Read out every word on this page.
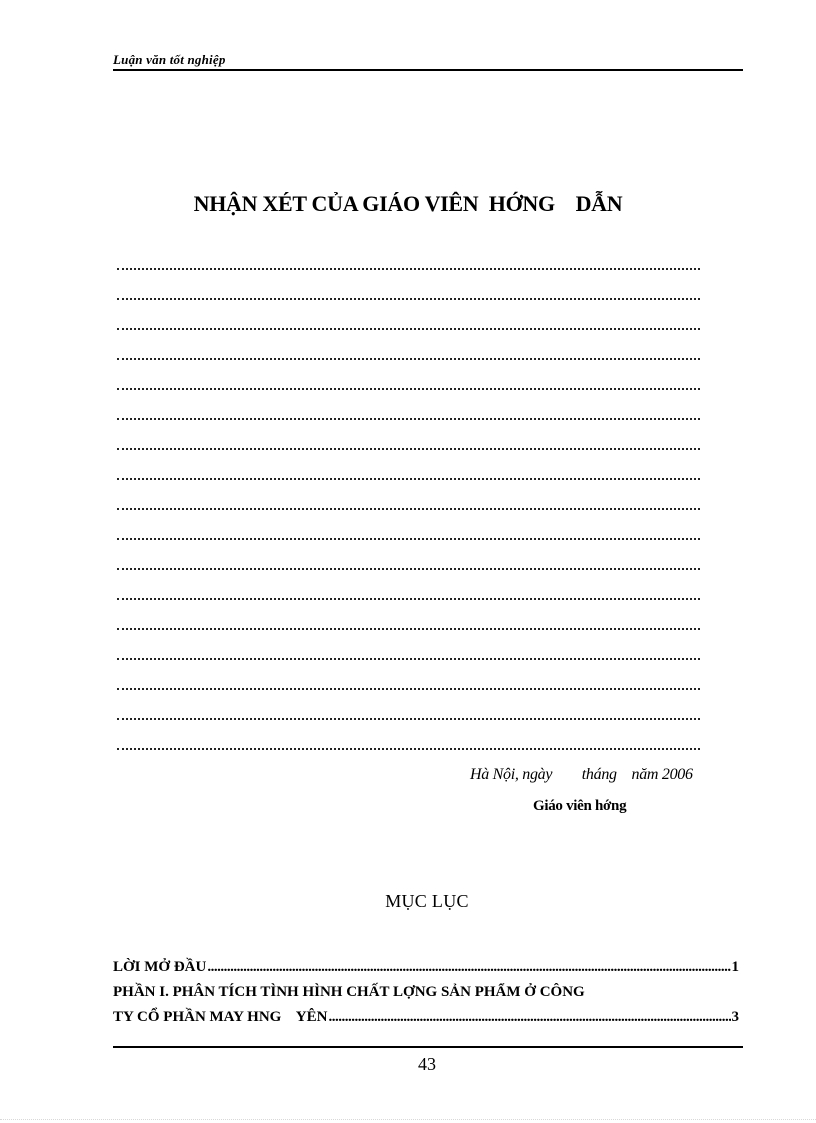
Luận văn tốt nghiệp
NHẬN XÉT CỦA GIÁO VIÊN  HỚNG    DẪN
Hà Nội, ngày        tháng    năm 2006
Giáo viên hớng
MỤC LỤC
LỜI MỞ ĐẦU .....	1
PHẦN I. PHÂN TÍCH TÌNH HÌNH CHẤT LỢNG SẢN PHẨM Ở CÔNG
TY CỔ PHẦN MAY HNG    YÊN .....	3
43
